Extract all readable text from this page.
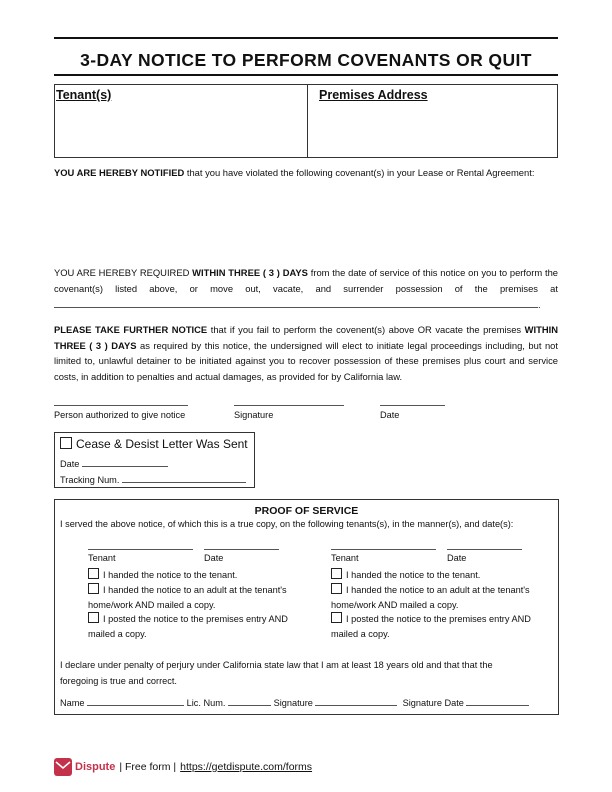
3-DAY NOTICE TO PERFORM COVENANTS OR QUIT
Tenant(s)	Premises Address

YOU ARE HEREBY NOTIFIED that you have violated the following covenant(s) in your Lease or Rental Agreement:

YOU ARE HEREBY REQUIRED WITHIN THREE ( 3 ) DAYS from the date of service of this notice on you to perform the covenant(s) listed above, or move out, vacate, and surrender possession of the premises at .

PLEASE TAKE FURTHER NOTICE that if you fail to perform the covenent(s) above OR vacate the premises WITHIN THREE ( 3 ) DAYS as required by this notice, the undersigned will elect to initiate legal proceedings including, but not limited to, unlawful detainer to be initiated against you to recover possession of these premises plus court and service costs, in addition to penalties and actual damages, as provided for by California law.

Person authorized to give notice	Signature	Date
Cease & Desist Letter Was Sent
Date
Tracking Num.
PROOF OF SERVICE
I served the above notice, of which this is a true copy, on the following tenants(s), in the manner(s), and date(s):
Tenant	Date
I handed the notice to the tenant.
I handed the notice to an adult at the tenant's
home/work AND mailed a copy.
I posted the notice to the premises entry AND
mailed a copy.
Tenant	Date
I handed the notice to the tenant.
I handed the notice to an adult at the tenant's
home/work AND mailed a copy.
I posted the notice to the premises entry AND
mailed a copy.
I declare under penalty of perjury under California state law that I am at least 18 years old and that that the
foregoing is true and correct.
Name	Lic. Num.	Signature	Signature Date
Dispute | Free form | https://getdispute.com/forms
